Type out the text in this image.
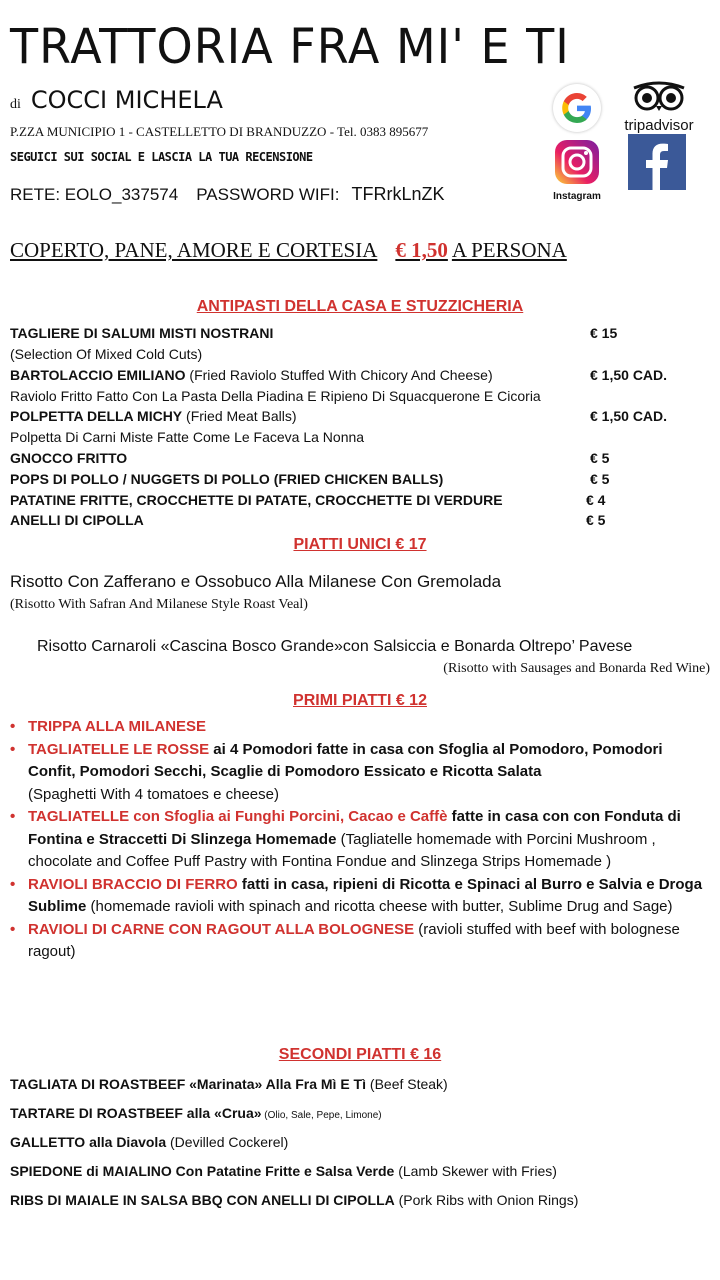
TRATTORIA FRA MI' E TI
di COCCI MICHELA
P.ZZA MUNICIPIO 1 - CASTELLETTO DI BRANDUZZO - Tel. 0383 895677
SEGUICI SUI SOCIAL E LASCIA LA TUA RECENSIONE
RETE: EOLO_337574 PASSWORD WIFI: TFRrkLnZK
COPERTO, PANE, AMORE E CORTESIA € 1,50 A PERSONA
tripadvisor
Instagram
ANTIPASTI DELLA CASA E STUZZICHERIA
TAGLIERE DI SALUMI MISTI NOSTRANI	€ 15
(Selection Of Mixed Cold Cuts)
BARTOLACCIO EMILIANO (Fried Raviolo Stuffed With Chicory And Cheese)	€ 1,50 CAD.
Raviolo Fritto Fatto Con La Pasta Della Piadina E Ripieno Di Squacquerone E Cicoria
POLPETTA DELLA MICHY (Fried Meat Balls)	€ 1,50 CAD.
Polpetta Di Carni Miste Fatte Come Le Faceva La Nonna
GNOCCO FRITTO	€ 5
POPS DI POLLO / NUGGETS DI POLLO (FRIED CHICKEN BALLS)	€ 5
PATATINE FRITTE, CROCCHETTE DI PATATE, CROCCHETTE DI VERDURE	€ 4
ANELLI DI CIPOLLA	€ 5
PIATTI UNICI € 17
Risotto Con Zafferano e Ossobuco Alla Milanese Con Gremolada
(Risotto With Safran And Milanese Style Roast Veal)
Risotto Carnaroli «Cascina Bosco Grande»con Salsiccia e Bonarda Oltrepo’ Pavese
(Risotto with Sausages and Bonarda Red Wine)
PRIMI PIATTI € 12
• TRIPPA ALLA MILANESE
• TAGLIATELLE LE ROSSE ai 4 Pomodori fatte in casa con Sfoglia al Pomodoro, Pomodori Confit, Pomodori Secchi, Scaglie di Pomodoro Essicato e Ricotta Salata
(Spaghetti With 4 tomatoes e cheese)
• TAGLIATELLE con Sfoglia ai Funghi Porcini, Cacao e Caffè fatte in casa con con Fonduta di Fontina e Straccetti Di Slinzega Homemade (Tagliatelle homemade with Porcini Mushroom , chocolate and Coffee Puff Pastry with Fontina Fondue and Slinzega Strips Homemade )
• RAVIOLI BRACCIO DI FERRO fatti in casa, ripieni di Ricotta e Spinaci al Burro e Salvia e Droga Sublime (homemade ravioli with spinach and ricotta cheese with butter, Sublime Drug and Sage)
• RAVIOLI DI CARNE CON RAGOUT ALLA BOLOGNESE (ravioli stuffed with beef with bolognese ragout)
SECONDI PIATTI € 16
TAGLIATA DI ROASTBEEF «Marinata» Alla Fra Mì E Tì (Beef Steak)
TARTARE DI ROASTBEEF alla «Crua» (Olio, Sale, Pepe, Limone)
GALLETTO alla Diavola (Devilled Cockerel)
SPIEDONE di MAIALINO Con Patatine Fritte e Salsa Verde (Lamb Skewer with Fries)
RIBS DI MAIALE IN SALSA BBQ CON ANELLI DI CIPOLLA (Pork Ribs with Onion Rings)
